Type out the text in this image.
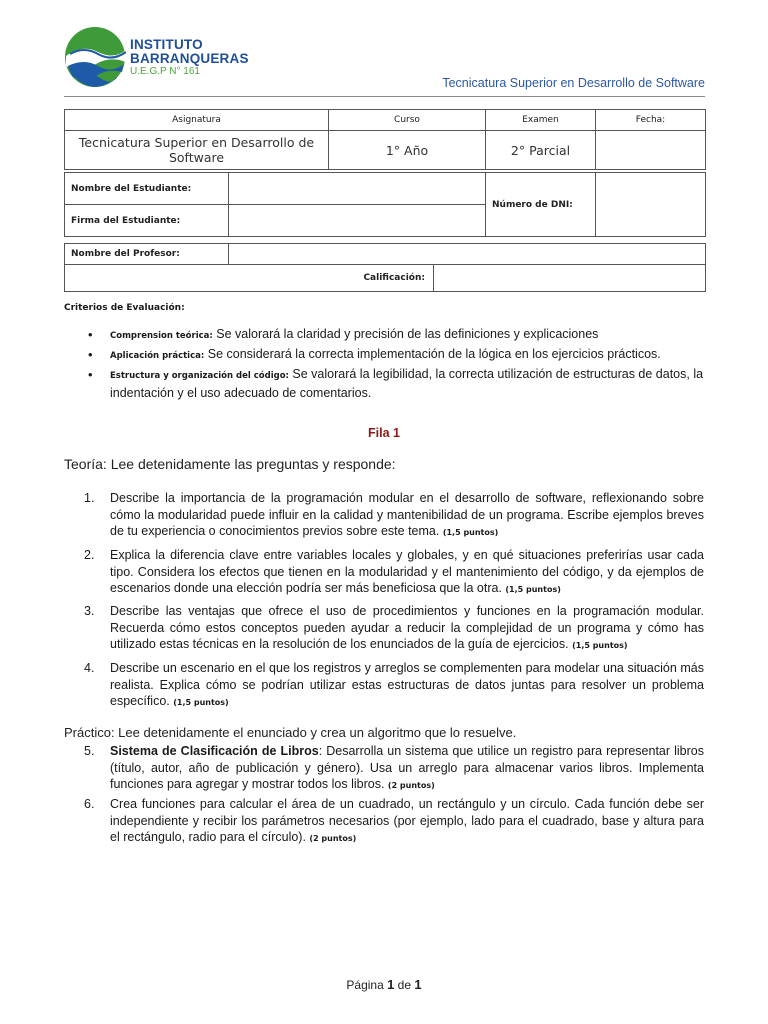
INSTITUTO
BARRANQUERAS
U.E.G.P N° 161
Tecnicatura Superior en Desarrollo de Software
Asignatura	Curso	Examen	Fecha:
Tecnicatura Superior en Desarrollo de Software	1° Año	2° Parcial	
Nombre del Estudiante:		Número de DNI:	
Firma del Estudiante:			
Nombre del Profesor:		
Calificación:		
Criterios de Evaluación:
• Comprension teórica: Se valorará la claridad y precisión de las definiciones y explicaciones
• Aplicación práctica: Se considerará la correcta implementación de la lógica en los ejercicios prácticos.
• Estructura y organización del código: Se valorará la legibilidad, la correcta utilización de estructuras de datos, la indentación y el uso adecuado de comentarios.
Fila 1
Teoría: Lee detenidamente las preguntas y responde:
1. Describe la importancia de la programación modular en el desarrollo de software, reflexionando sobre cómo la modularidad puede influir en la calidad y mantenibilidad de un programa. Escribe ejemplos breves de tu experiencia o conocimientos previos sobre este tema. (1,5 puntos)
2. Explica la diferencia clave entre variables locales y globales, y en qué situaciones preferirías usar cada tipo. Considera los efectos que tienen en la modularidad y el mantenimiento del código, y da ejemplos de escenarios donde una elección podría ser más beneficiosa que la otra. (1,5 puntos)
3. Describe las ventajas que ofrece el uso de procedimientos y funciones en la programación modular. Recuerda cómo estos conceptos pueden ayudar a reducir la complejidad de un programa y cómo has utilizado estas técnicas en la resolución de los enunciados de la guía de ejercicios. (1,5 puntos)
4. Describe un escenario en el que los registros y arreglos se complementen para modelar una situación más realista. Explica cómo se podrían utilizar estas estructuras de datos juntas para resolver un problema específico. (1,5 puntos)
Práctico: Lee detenidamente el enunciado y crea un algoritmo que lo resuelve.
5. Sistema de Clasificación de Libros: Desarrolla un sistema que utilice un registro para representar libros (título, autor, año de publicación y género). Usa un arreglo para almacenar varios libros. Implementa funciones para agregar y mostrar todos los libros. (2 puntos)
6. Crea funciones para calcular el área de un cuadrado, un rectángulo y un círculo. Cada función debe ser independiente y recibir los parámetros necesarios (por ejemplo, lado para el cuadrado, base y altura para el rectángulo, radio para el círculo). (2 puntos)
Página 1 de 1
